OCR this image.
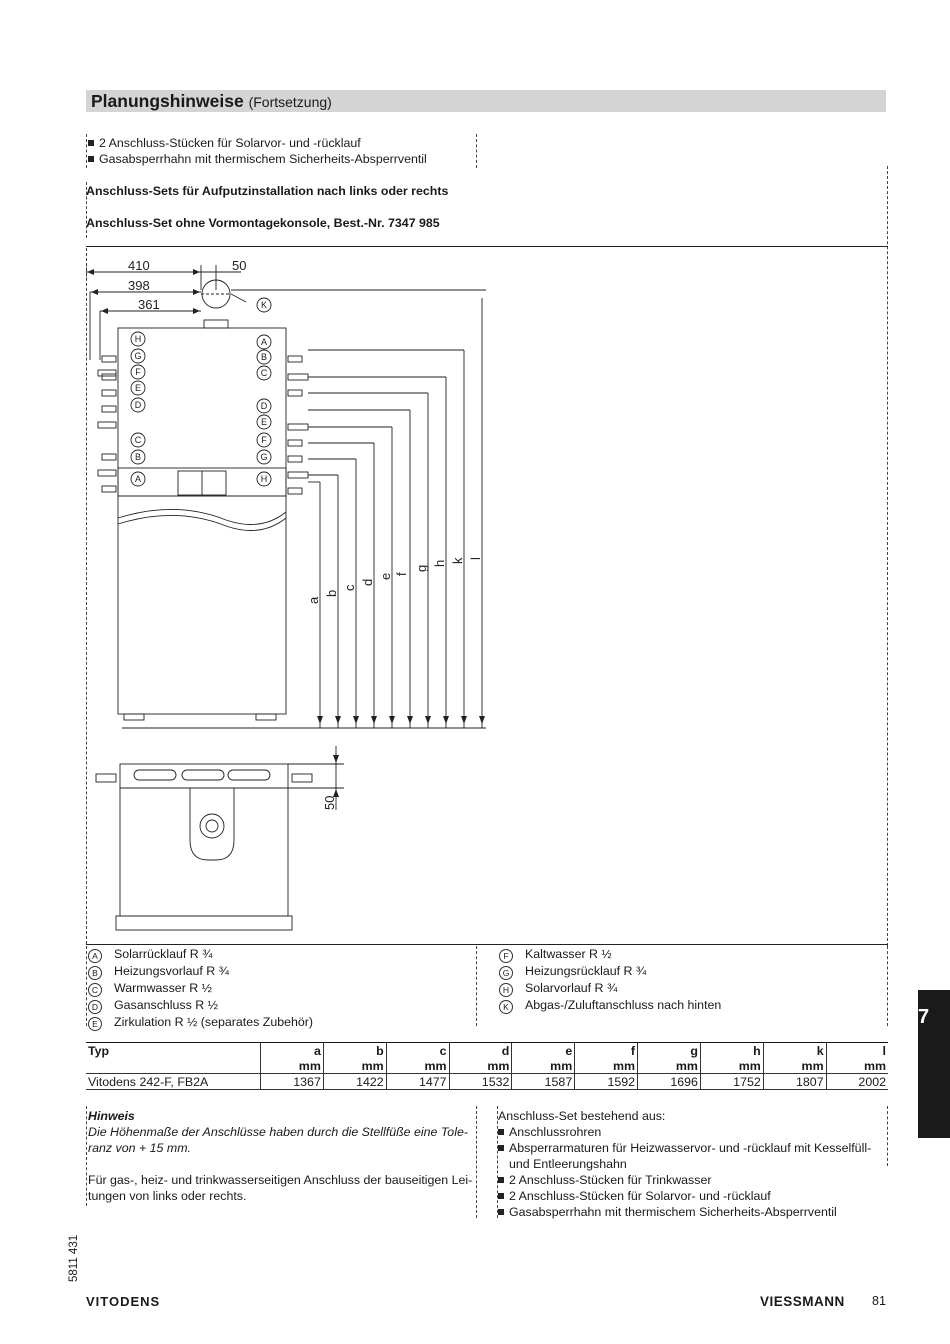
Planungshinweise (Fortsetzung)
2 Anschluss-Stücken für Solarvor- und -rücklauf
Gasabsperrhahn mit thermischem Sicherheits-Absperrventil
Anschluss-Sets für Aufputzinstallation nach links oder rechts
Anschluss-Set ohne Vormontagekonsole, Best.-Nr. 7347 985
410	50
398
361
50
K
H
G
F
E
D
C
B
A
A
B
C
D
E
F
G
H
a
b
c
d
e f
g
h k l
A Solarrücklauf R ¾
B Heizungsvorlauf R ¾
C Warmwasser R ½
D Gasanschluss R ½
E Zirkulation R ½ (separates Zubehör)
F Kaltwasser R ½
G Heizungsrücklauf R ¾
H Solarvorlauf R ¾
K Abgas-/Zuluftanschluss nach hinten
Typ	a	b	c	d	e	f	g	h	k	l
	mm	mm	mm	mm	mm	mm	mm	mm	mm	mm
Vitodens 242-F, FB2A	1367	1422	1477	1532	1587	1592	1696	1752	1807	2002
Hinweis
Die Höhenmaße der Anschlüsse haben durch die Stellfüße eine Tole-
ranz von + 15 mm.
Für gas-, heiz- und trinkwasserseitigen Anschluss der bauseitigen Lei-
tungen von links oder rechts.
Anschluss-Set bestehend aus:
Anschlussrohren
Absperrarmaturen für Heizwasservor- und -rücklauf mit Kesselfüll-
und Entleerungshahn
2 Anschluss-Stücken für Trinkwasser
2 Anschluss-Stücken für Solarvor- und -rücklauf
Gasabsperrhahn mit thermischem Sicherheits-Absperrventil
7
5811 431
VITODENS	VIESSMANN 81
